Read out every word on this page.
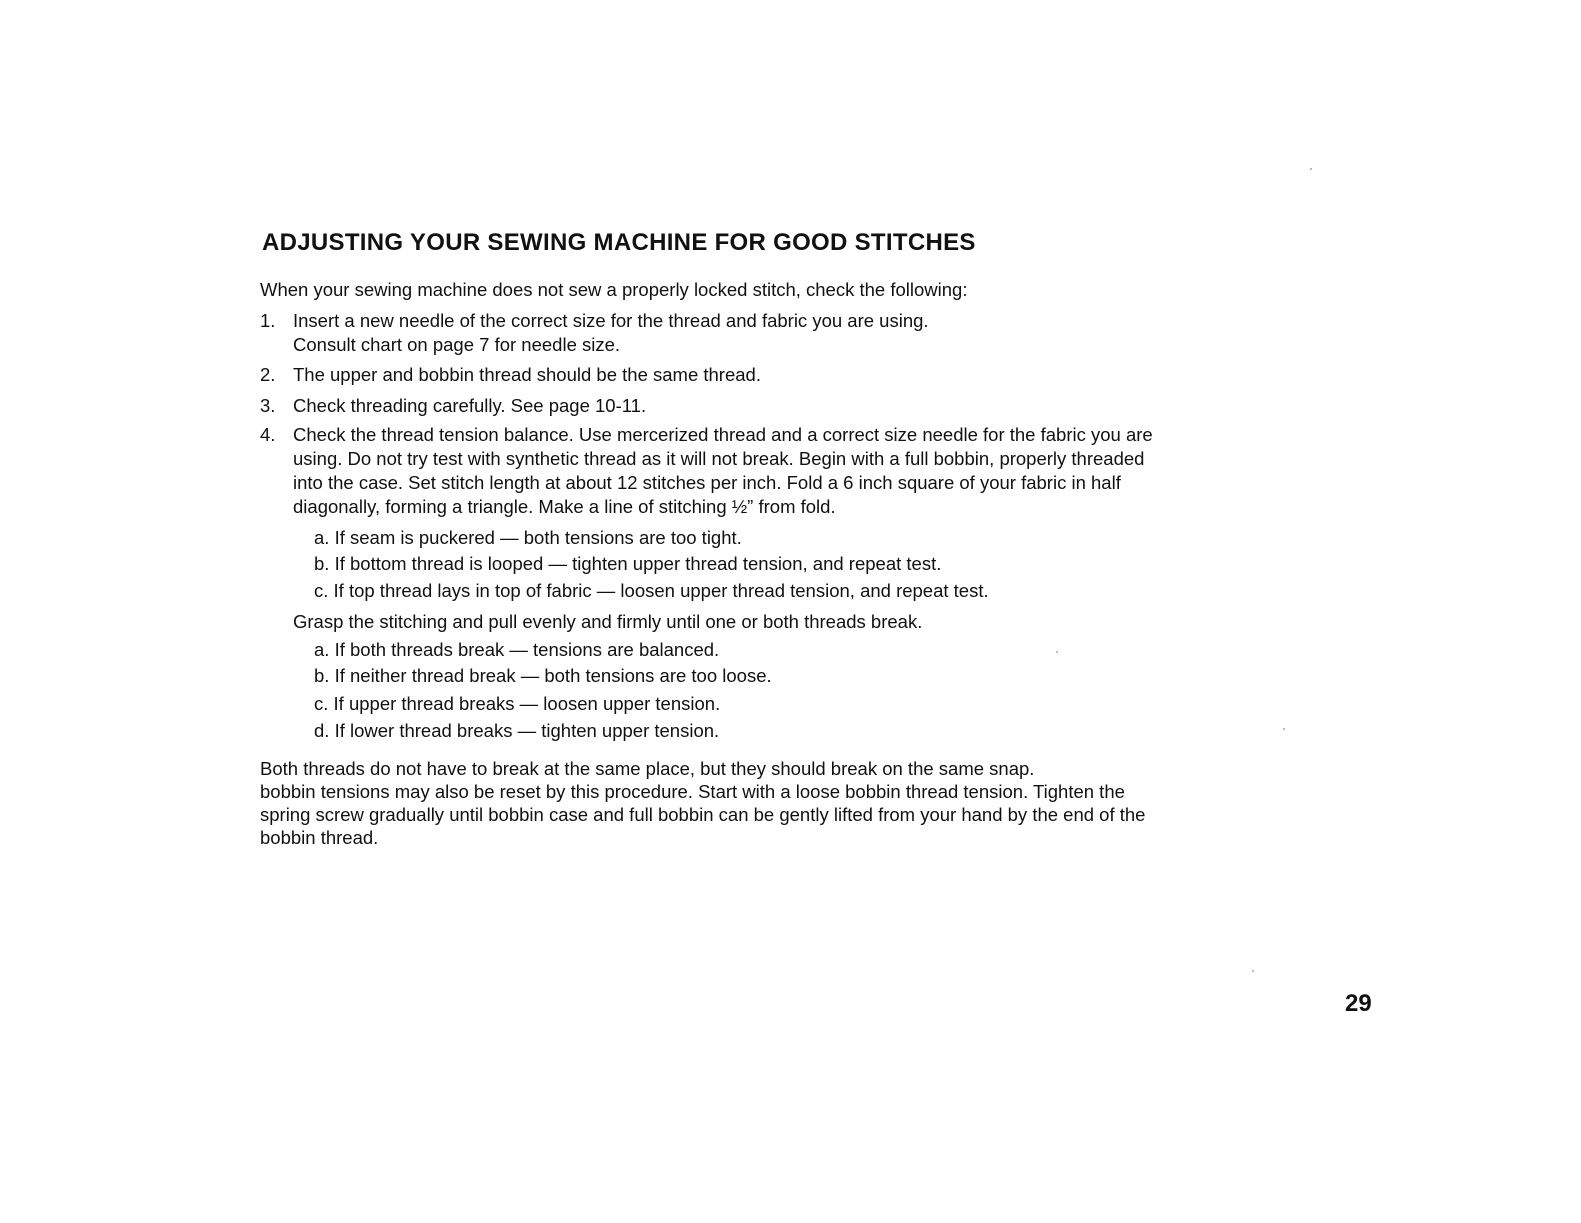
ADJUSTING YOUR SEWING MACHINE FOR GOOD STITCHES
When your sewing machine does not sew a properly locked stitch, check the following:
1. Insert a new needle of the correct size for the thread and fabric you are using.
Consult chart on page 7 for needle size.
2. The upper and bobbin thread should be the same thread.
3. Check threading carefully. See page 10-11.
4. Check the thread tension balance. Use mercerized thread and a correct size needle for the fabric you are
using. Do not try test with synthetic thread as it will not break. Begin with a full bobbin, properly threaded
into the case. Set stitch length at about 12 stitches per inch. Fold a 6 inch square of your fabric in half
diagonally, forming a triangle. Make a line of stitching ½” from fold.
a. If seam is puckered — both tensions are too tight.
b. If bottom thread is looped — tighten upper thread tension, and repeat test.
c. If top thread lays in top of fabric — loosen upper thread tension, and repeat test.
Grasp the stitching and pull evenly and firmly until one or both threads break.
a. If both threads break — tensions are balanced.
b. If neither thread break — both tensions are too loose.
c. If upper thread breaks — loosen upper tension.
d. If lower thread breaks — tighten upper tension.
Both threads do not have to break at the same place, but they should break on the same snap.
bobbin tensions may also be reset by this procedure. Start with a loose bobbin thread tension. Tighten the
spring screw gradually until bobbin case and full bobbin can be gently lifted from your hand by the end of the
bobbin thread.
29
